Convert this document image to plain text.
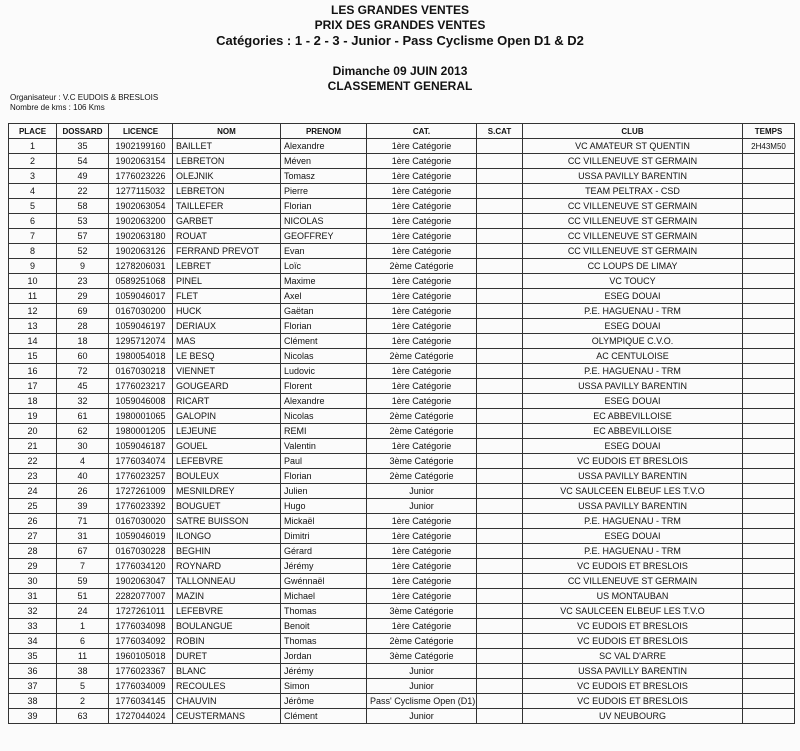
LES GRANDES VENTES
PRIX DES GRANDES VENTES
Catégories : 1 - 2 - 3 - Junior - Pass Cyclisme Open D1 & D2
Dimanche 09 JUIN 2013
CLASSEMENT GENERAL
Organisateur : V.C EUDOIS & BRESLOIS
Nombre de kms : 106 Kms
PLACE	DOSSARD	LICENCE	NOM	PRENOM	CAT.	S.CAT	CLUB	TEMPS
1	35	1902199160	BAILLET	Alexandre	1ère Catégorie		VC AMATEUR ST QUENTIN	2H43M50
2	54	1902063154	LEBRETON	Méven	1ère Catégorie		CC VILLENEUVE ST GERMAIN	
3	49	1776023226	OLEJNIK	Tomasz	1ère Catégorie		USSA PAVILLY BARENTIN	
4	22	1277115032	LEBRETON	Pierre	1ère Catégorie		TEAM PELTRAX - CSD	
5	58	1902063054	TAILLEFER	Florian	1ère Catégorie		CC VILLENEUVE ST GERMAIN	
6	53	1902063200	GARBET	NICOLAS	1ère Catégorie		CC VILLENEUVE ST GERMAIN	
7	57	1902063180	ROUAT	GEOFFREY	1ère Catégorie		CC VILLENEUVE ST GERMAIN	
8	52	1902063126	FERRAND PREVOT	Evan	1ère Catégorie		CC VILLENEUVE ST GERMAIN	
9	9	1278206031	LEBRET	Loïc	2ème Catégorie		CC LOUPS DE LIMAY	
10	23	0589251068	PINEL	Maxime	1ère Catégorie		VC TOUCY	
11	29	1059046017	FLET	Axel	1ère Catégorie		ESEG DOUAI	
12	69	0167030200	HUCK	Gaëtan	1ère Catégorie		P.E. HAGUENAU - TRM	
13	28	1059046197	DERIAUX	Florian	1ère Catégorie		ESEG DOUAI	
14	18	1295712074	MAS	Clément	1ère Catégorie		OLYMPIQUE C.V.O.	
15	60	1980054018	LE BESQ	Nicolas	2ème Catégorie		AC CENTULOISE	
16	72	0167030218	VIENNET	Ludovic	1ère Catégorie		P.E. HAGUENAU - TRM	
17	45	1776023217	GOUGEARD	Florent	1ère Catégorie		USSA PAVILLY BARENTIN	
18	32	1059046008	RICART	Alexandre	1ère Catégorie		ESEG DOUAI	
19	61	1980001065	GALOPIN	Nicolas	2ème Catégorie		EC ABBEVILLOISE	
20	62	1980001205	LEJEUNE	REMI	2ème Catégorie		EC ABBEVILLOISE	
21	30	1059046187	GOUEL	Valentin	1ère Catégorie		ESEG DOUAI	
22	4	1776034074	LEFEBVRE	Paul	3ème Catégorie		VC EUDOIS ET BRESLOIS	
23	40	1776023257	BOULEUX	Florian	2ème Catégorie		USSA PAVILLY BARENTIN	
24	26	1727261009	MESNILDREY	Julien	Junior		VC SAULCEEN ELBEUF LES T.V.O	
25	39	1776023392	BOUGUET	Hugo	Junior		USSA PAVILLY BARENTIN	
26	71	0167030020	SATRE BUISSON	Mickaël	1ère Catégorie		P.E. HAGUENAU - TRM	
27	31	1059046019	ILONGO	Dimitri	1ère Catégorie		ESEG DOUAI	
28	67	0167030228	BEGHIN	Gérard	1ère Catégorie		P.E. HAGUENAU - TRM	
29	7	1776034120	ROYNARD	Jérémy	1ère Catégorie		VC EUDOIS ET BRESLOIS	
30	59	1902063047	TALLONNEAU	Gwénnaël	1ère Catégorie		CC VILLENEUVE ST GERMAIN	
31	51	2282077007	MAZIN	Michael	1ère Catégorie		US MONTAUBAN	
32	24	1727261011	LEFEBVRE	Thomas	3ème Catégorie		VC SAULCEEN ELBEUF LES T.V.O	
33	1	1776034098	BOULANGUE	Benoit	1ère Catégorie		VC EUDOIS ET BRESLOIS	
34	6	1776034092	ROBIN	Thomas	2ème Catégorie		VC EUDOIS ET BRESLOIS	
35	11	1960105018	DURET	Jordan	3ème Catégorie		SC VAL D'ARRE	
36	38	1776023367	BLANC	Jérémy	Junior		USSA PAVILLY BARENTIN	
37	5	1776034009	RECOULES	Simon	Junior		VC EUDOIS ET BRESLOIS	
38	2	1776034145	CHAUVIN	Jérôme	Pass' Cyclisme Open (D1)		VC EUDOIS ET BRESLOIS	
39	63	1727044024	CEUSTERMANS	Clément	Junior		UV NEUBOURG	
